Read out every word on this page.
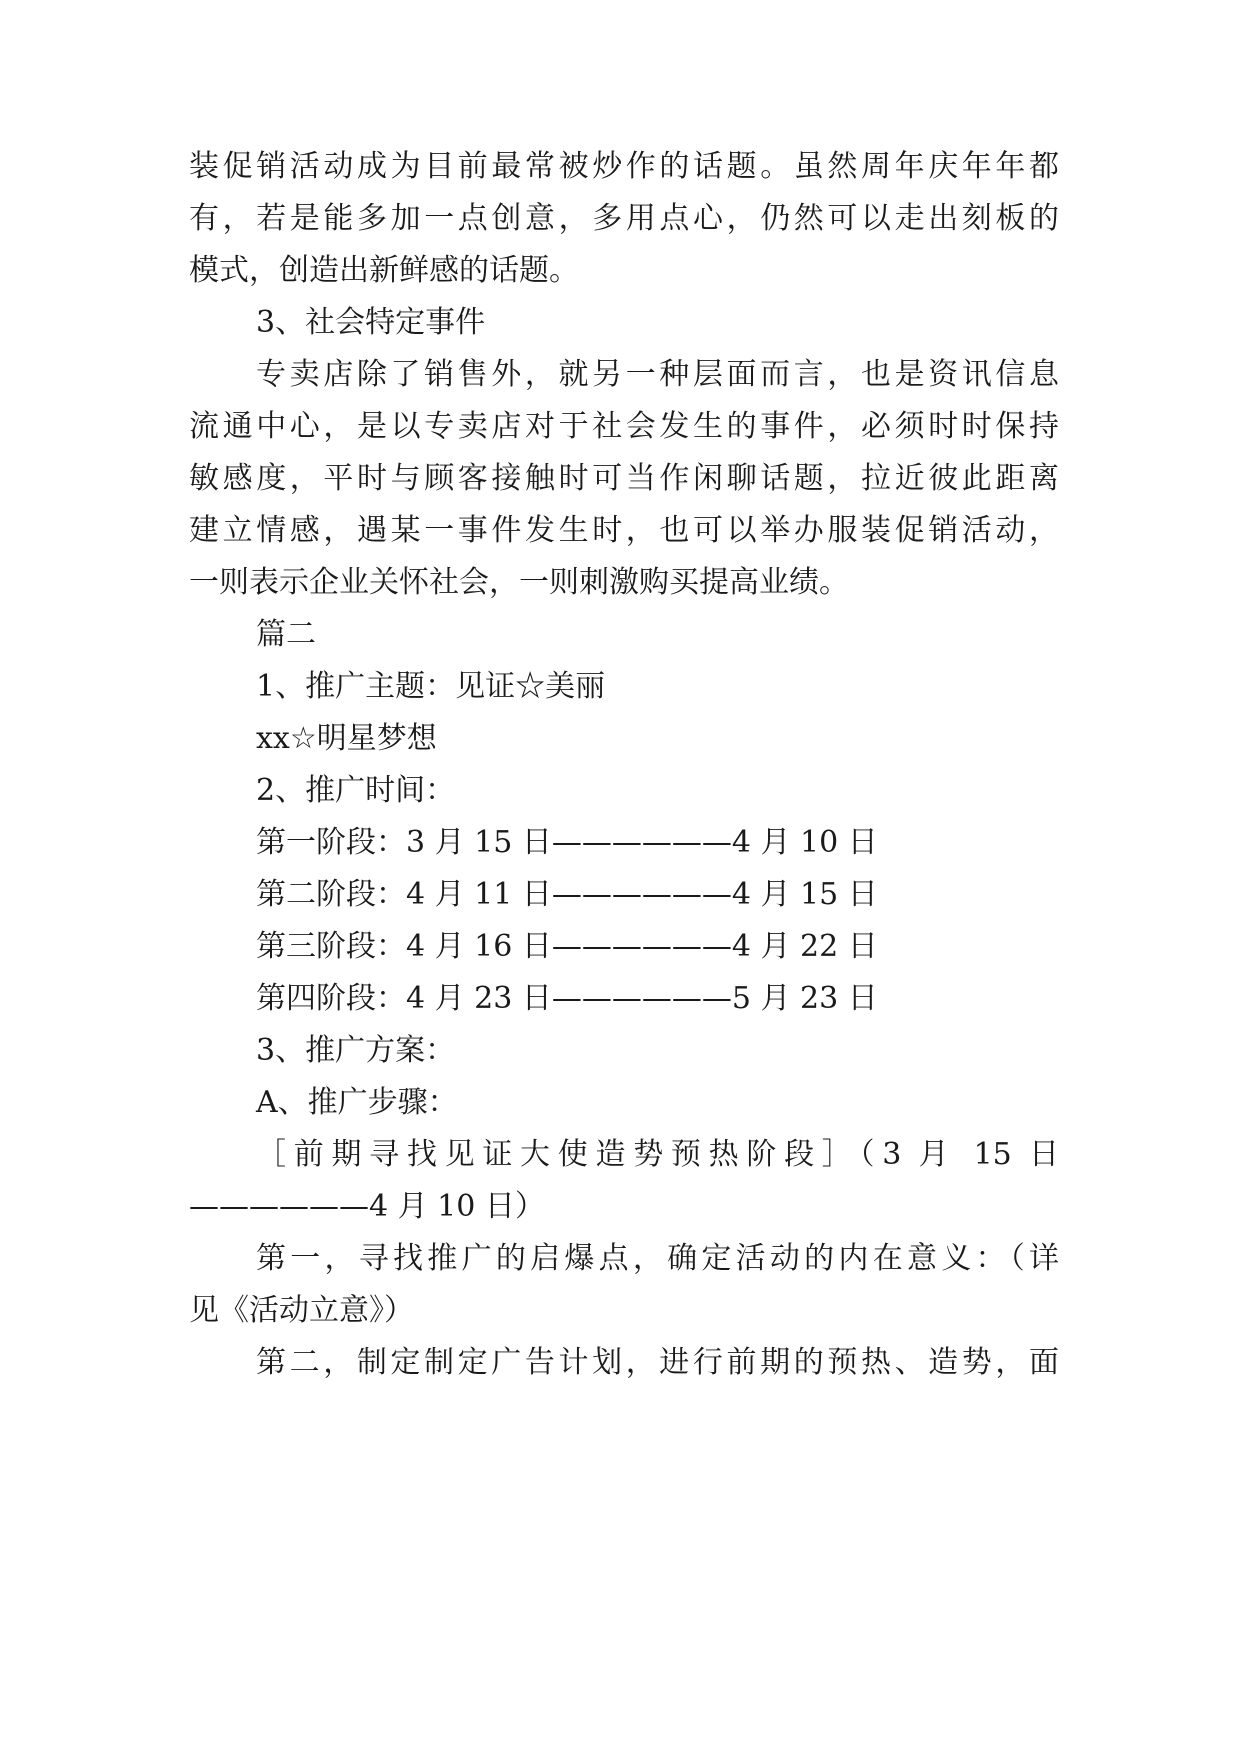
装促销活动成为目前最常被炒作的话题。虽然周年庆年年都
有，若是能多加一点创意，多用点心，仍然可以走出刻板的
模式，创造出新鲜感的话题。
3、社会特定事件
专卖店除了销售外，就另一种层面而言，也是资讯信息
流通中心，是以专卖店对于社会发生的事件，必须时时保持
敏感度，平时与顾客接触时可当作闲聊话题，拉近彼此距离
建立情感，遇某一事件发生时，也可以举办服装促销活动，
一则表示企业关怀社会，一则刺激购买提高业绩。
篇二
1、推广主题：见证☆美丽
xx☆明星梦想
2、推广时间：
第一阶段：3 月 15 日——————4 月 10 日
第二阶段：4 月 11 日——————4 月 15 日
第三阶段：4 月 16 日——————4 月 22 日
第四阶段：4 月 23 日——————5 月 23 日
3、推广方案：
A、推广步骤：
［前期寻找见证大使造势预热阶段］（3 月 15 日
——————4 月 10 日）
第一，寻找推广的启爆点，确定活动的内在意义：（详
见《活动立意》）
第二，制定制定广告计划，进行前期的预热、造势，面
